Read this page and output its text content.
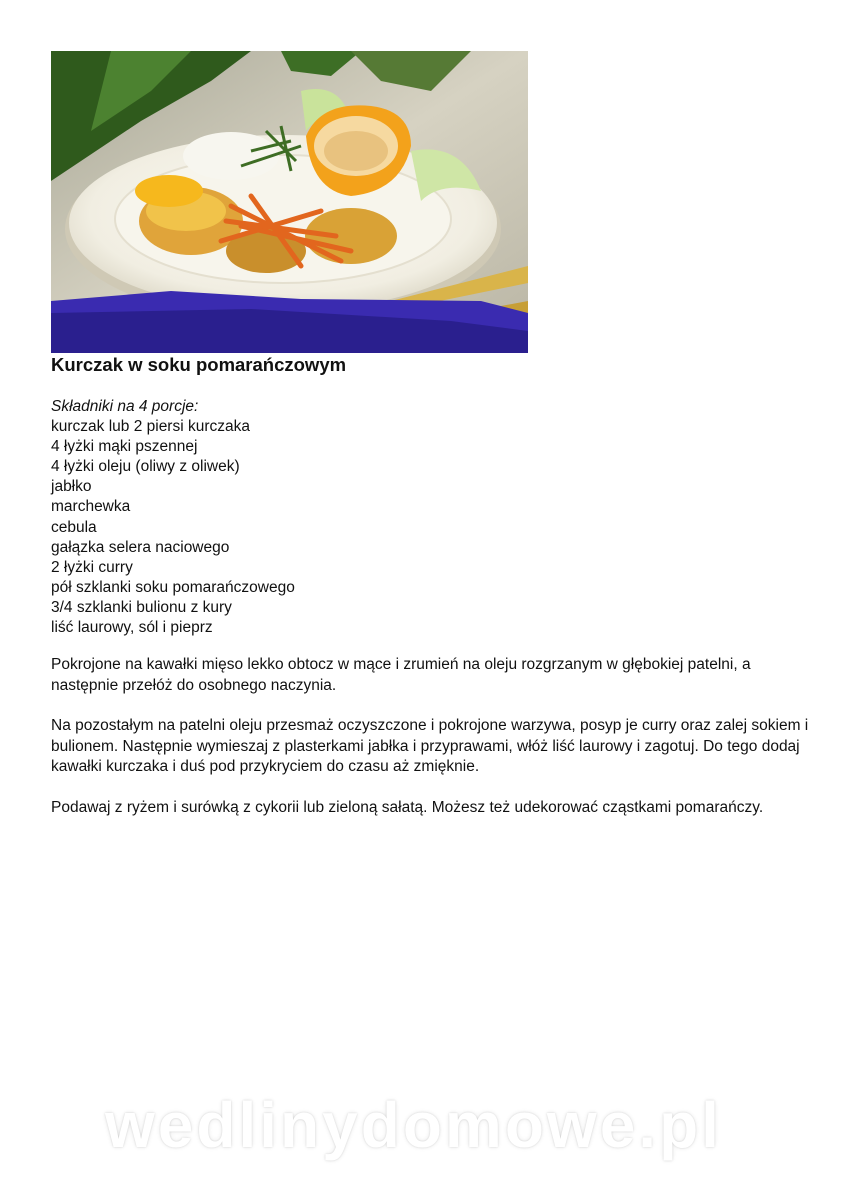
Kurczak w soku pomarańczowym
Składniki na 4 porcje:
kurczak lub 2 piersi kurczaka
4 łyżki mąki pszennej
4 łyżki oleju (oliwy z oliwek)
jabłko
marchewka
cebula
gałązka selera naciowego
2 łyżki curry
pół szklanki soku pomarańczowego
3/4 szklanki bulionu z kury
liść laurowy, sól i pieprz

Pokrojone na kawałki mięso lekko obtocz w mące i zrumień na oleju rozgrzanym w głębokiej patelni, a następnie przełóż do osobnego naczynia.

Na pozostałym na patelni oleju przesmaż oczyszczone i pokrojone warzywa, posyp je curry oraz zalej sokiem i bulionem. Następnie wymieszaj z plasterkami jabłka i przyprawami, włóż liść laurowy i zagotuj. Do tego dodaj kawałki kurczaka i duś pod przykryciem do czasu aż zmięknie.

Podawaj z ryżem i surówką z cykorii lub zieloną sałatą. Możesz też udekorować cząstkami pomarańczy.

wedlinydomowe.pl
